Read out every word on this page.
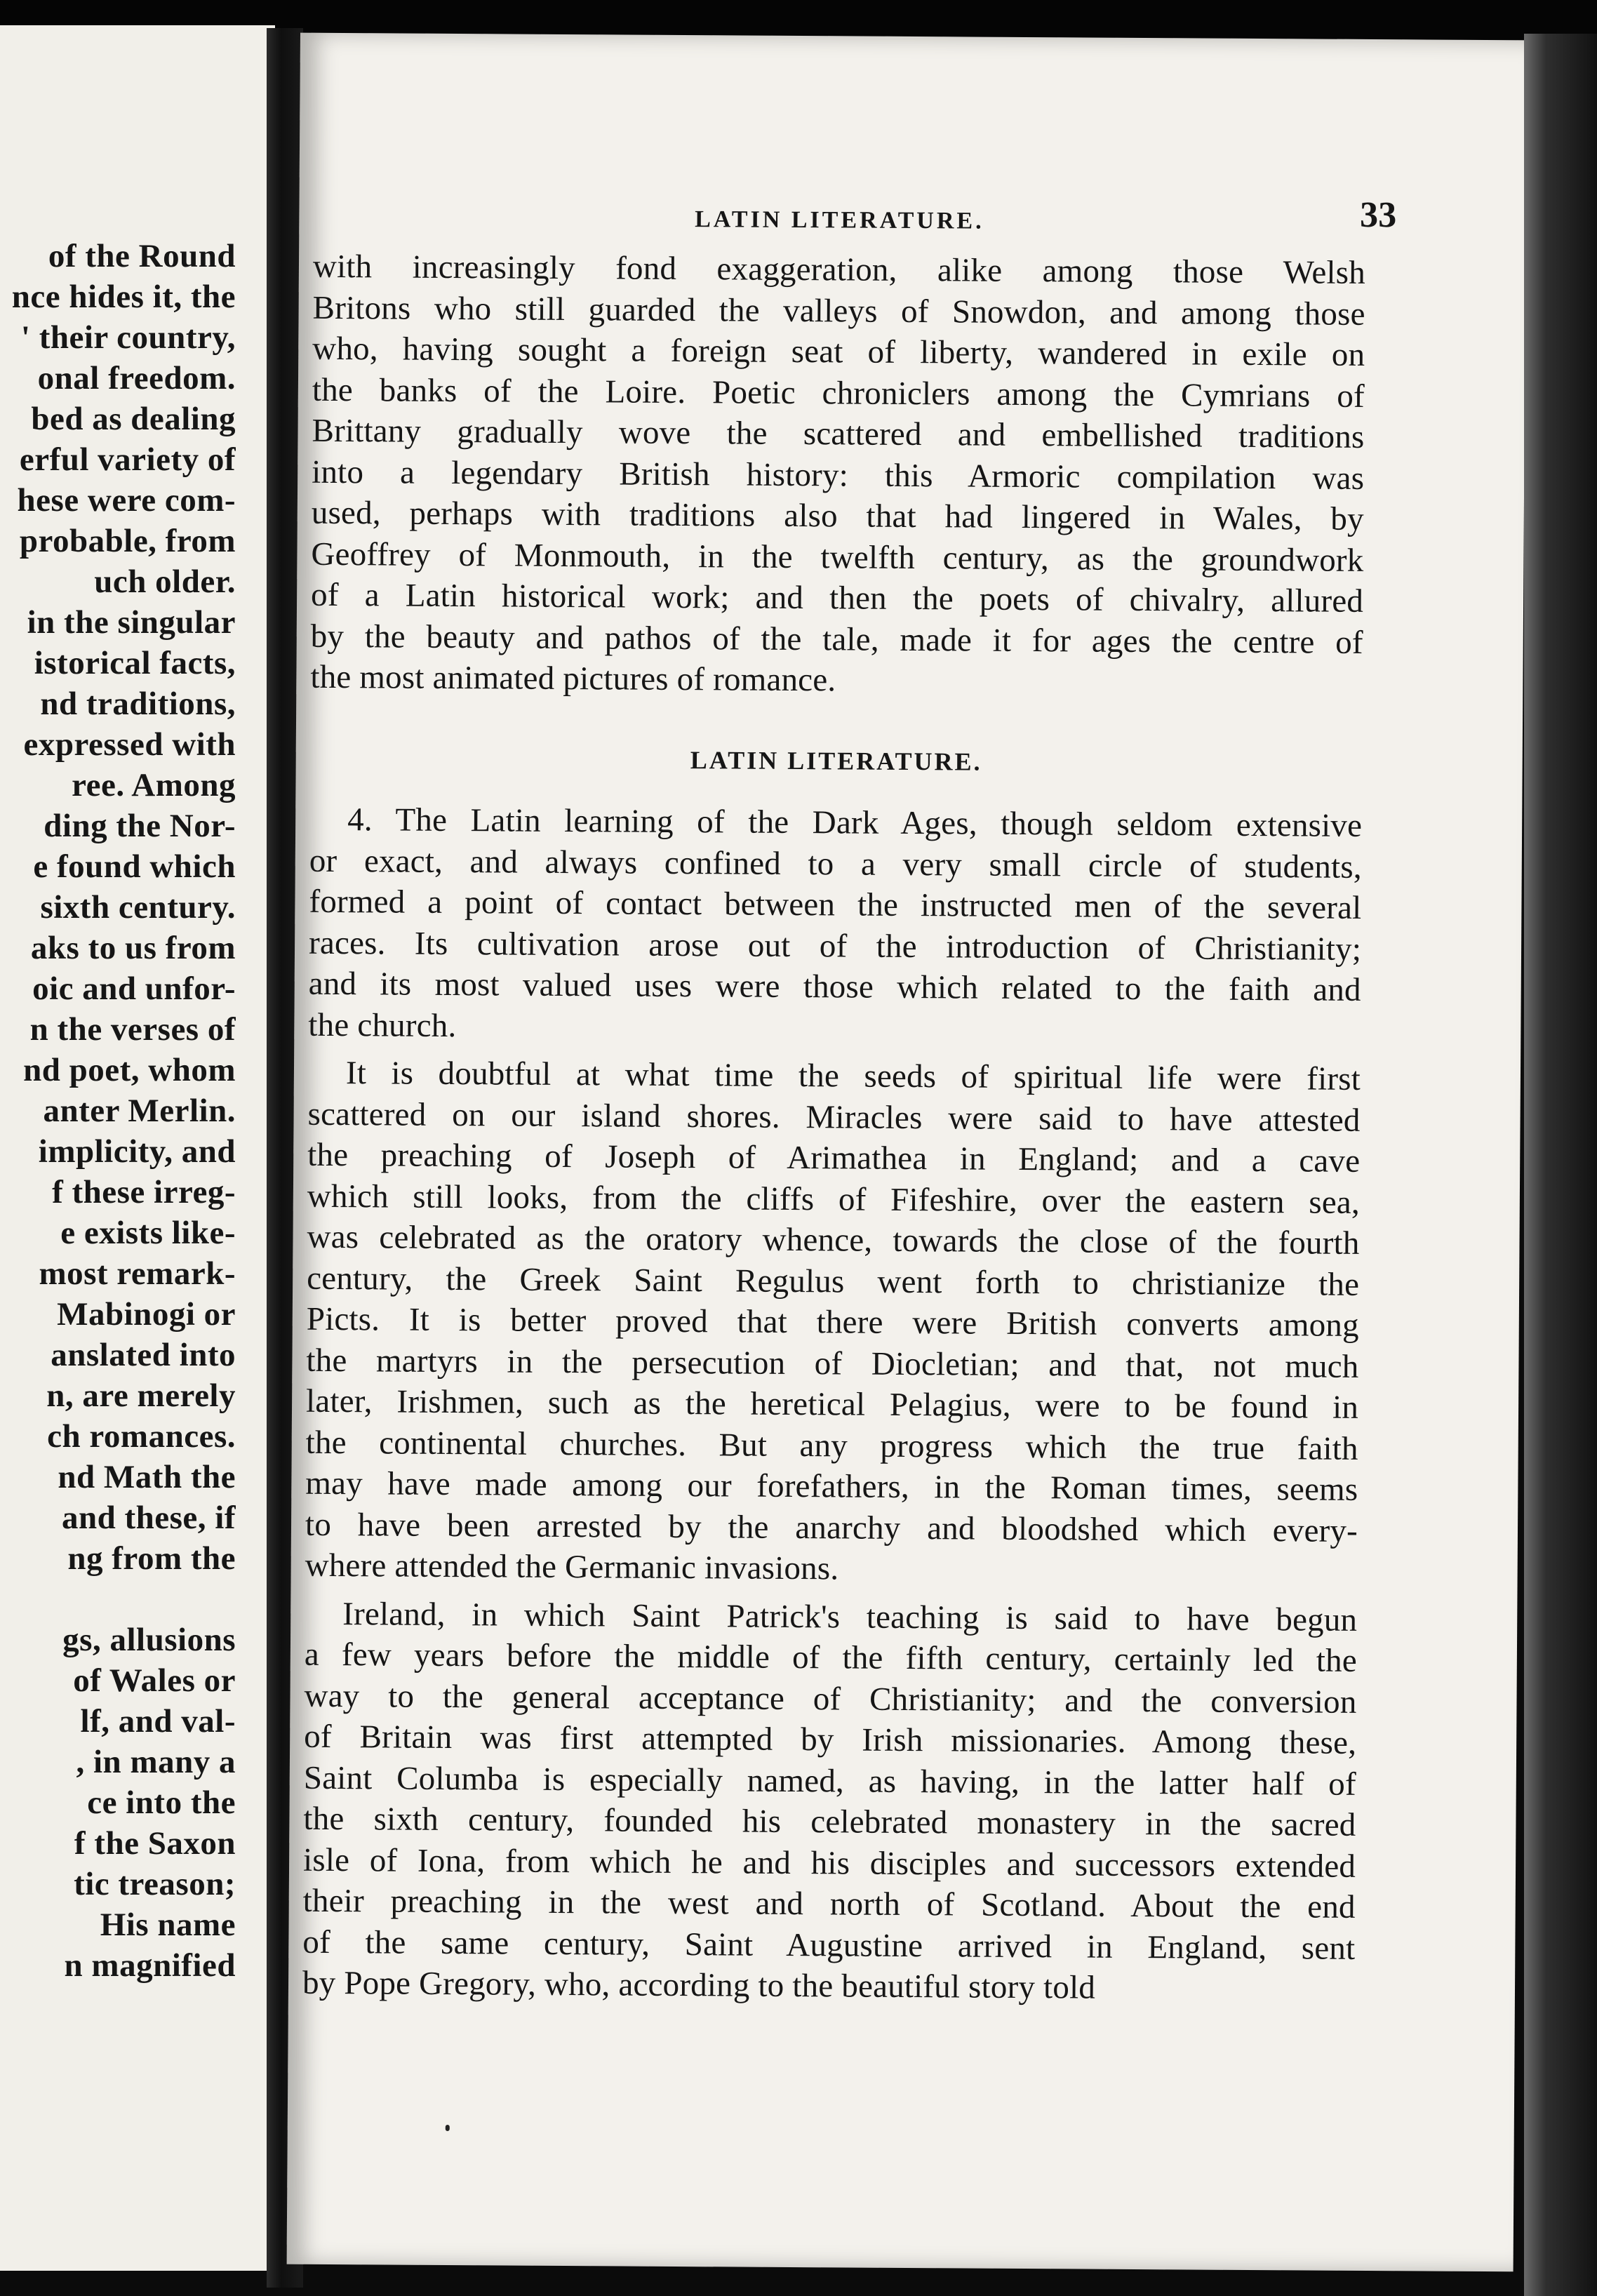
of the Round
nce hides it, the
' their country,
onal freedom.
bed as dealing
erful variety of
hese were com-
probable, from
uch older.
in the singular
istorical facts,
nd traditions,
expressed with
ree. Among
ding the Nor-
e found which
sixth century.
aks to us from
oic and unfor-
n the verses of
nd poet, whom
anter Merlin.
implicity, and
f these irreg-
e exists like-
most remark-
Mabinogi or
anslated into
n, are merely
ch romances.
nd Math the
and these, if
ng from the
gs, allusions
of Wales or
lf, and val-
, in many a
ce into the
f the Saxon
tic treason;
His name
n magnified
LATIN LITERATURE.	33
with increasingly fond exaggeration, alike among those Welsh
Britons who still guarded the valleys of Snowdon, and among those
who, having sought a foreign seat of liberty, wandered in exile on
the banks of the Loire. Poetic chroniclers among the Cymrians of
Brittany gradually wove the scattered and embellished traditions
into a legendary British history: this Armoric compilation was
used, perhaps with traditions also that had lingered in Wales, by
Geoffrey of Monmouth, in the twelfth century, as the groundwork
of a Latin historical work; and then the poets of chivalry, allured
by the beauty and pathos of the tale, made it for ages the centre of
the most animated pictures of romance.
LATIN LITERATURE.
4. The Latin learning of the Dark Ages, though seldom extensive
or exact, and always confined to a very small circle of students,
formed a point of contact between the instructed men of the several
races. Its cultivation arose out of the introduction of Christianity;
and its most valued uses were those which related to the faith and
the church.
It is doubtful at what time the seeds of spiritual life were first
scattered on our island shores. Miracles were said to have attested
the preaching of Joseph of Arimathea in England; and a cave
which still looks, from the cliffs of Fifeshire, over the eastern sea,
was celebrated as the oratory whence, towards the close of the fourth
century, the Greek Saint Regulus went forth to christianize the
Picts. It is better proved that there were British converts among
the martyrs in the persecution of Diocletian; and that, not much
later, Irishmen, such as the heretical Pelagius, were to be found in
the continental churches. But any progress which the true faith
may have made among our forefathers, in the Roman times, seems
to have been arrested by the anarchy and bloodshed which every-
where attended the Germanic invasions.
Ireland, in which Saint Patrick's teaching is said to have begun
a few years before the middle of the fifth century, certainly led the
way to the general acceptance of Christianity; and the conversion
of Britain was first attempted by Irish missionaries. Among these,
Saint Columba is especially named, as having, in the latter half of
the sixth century, founded his celebrated monastery in the sacred
isle of Iona, from which he and his disciples and successors extended
their preaching in the west and north of Scotland. About the end
of the same century, Saint Augustine arrived in England, sent
by Pope Gregory, who, according to the beautiful story told
